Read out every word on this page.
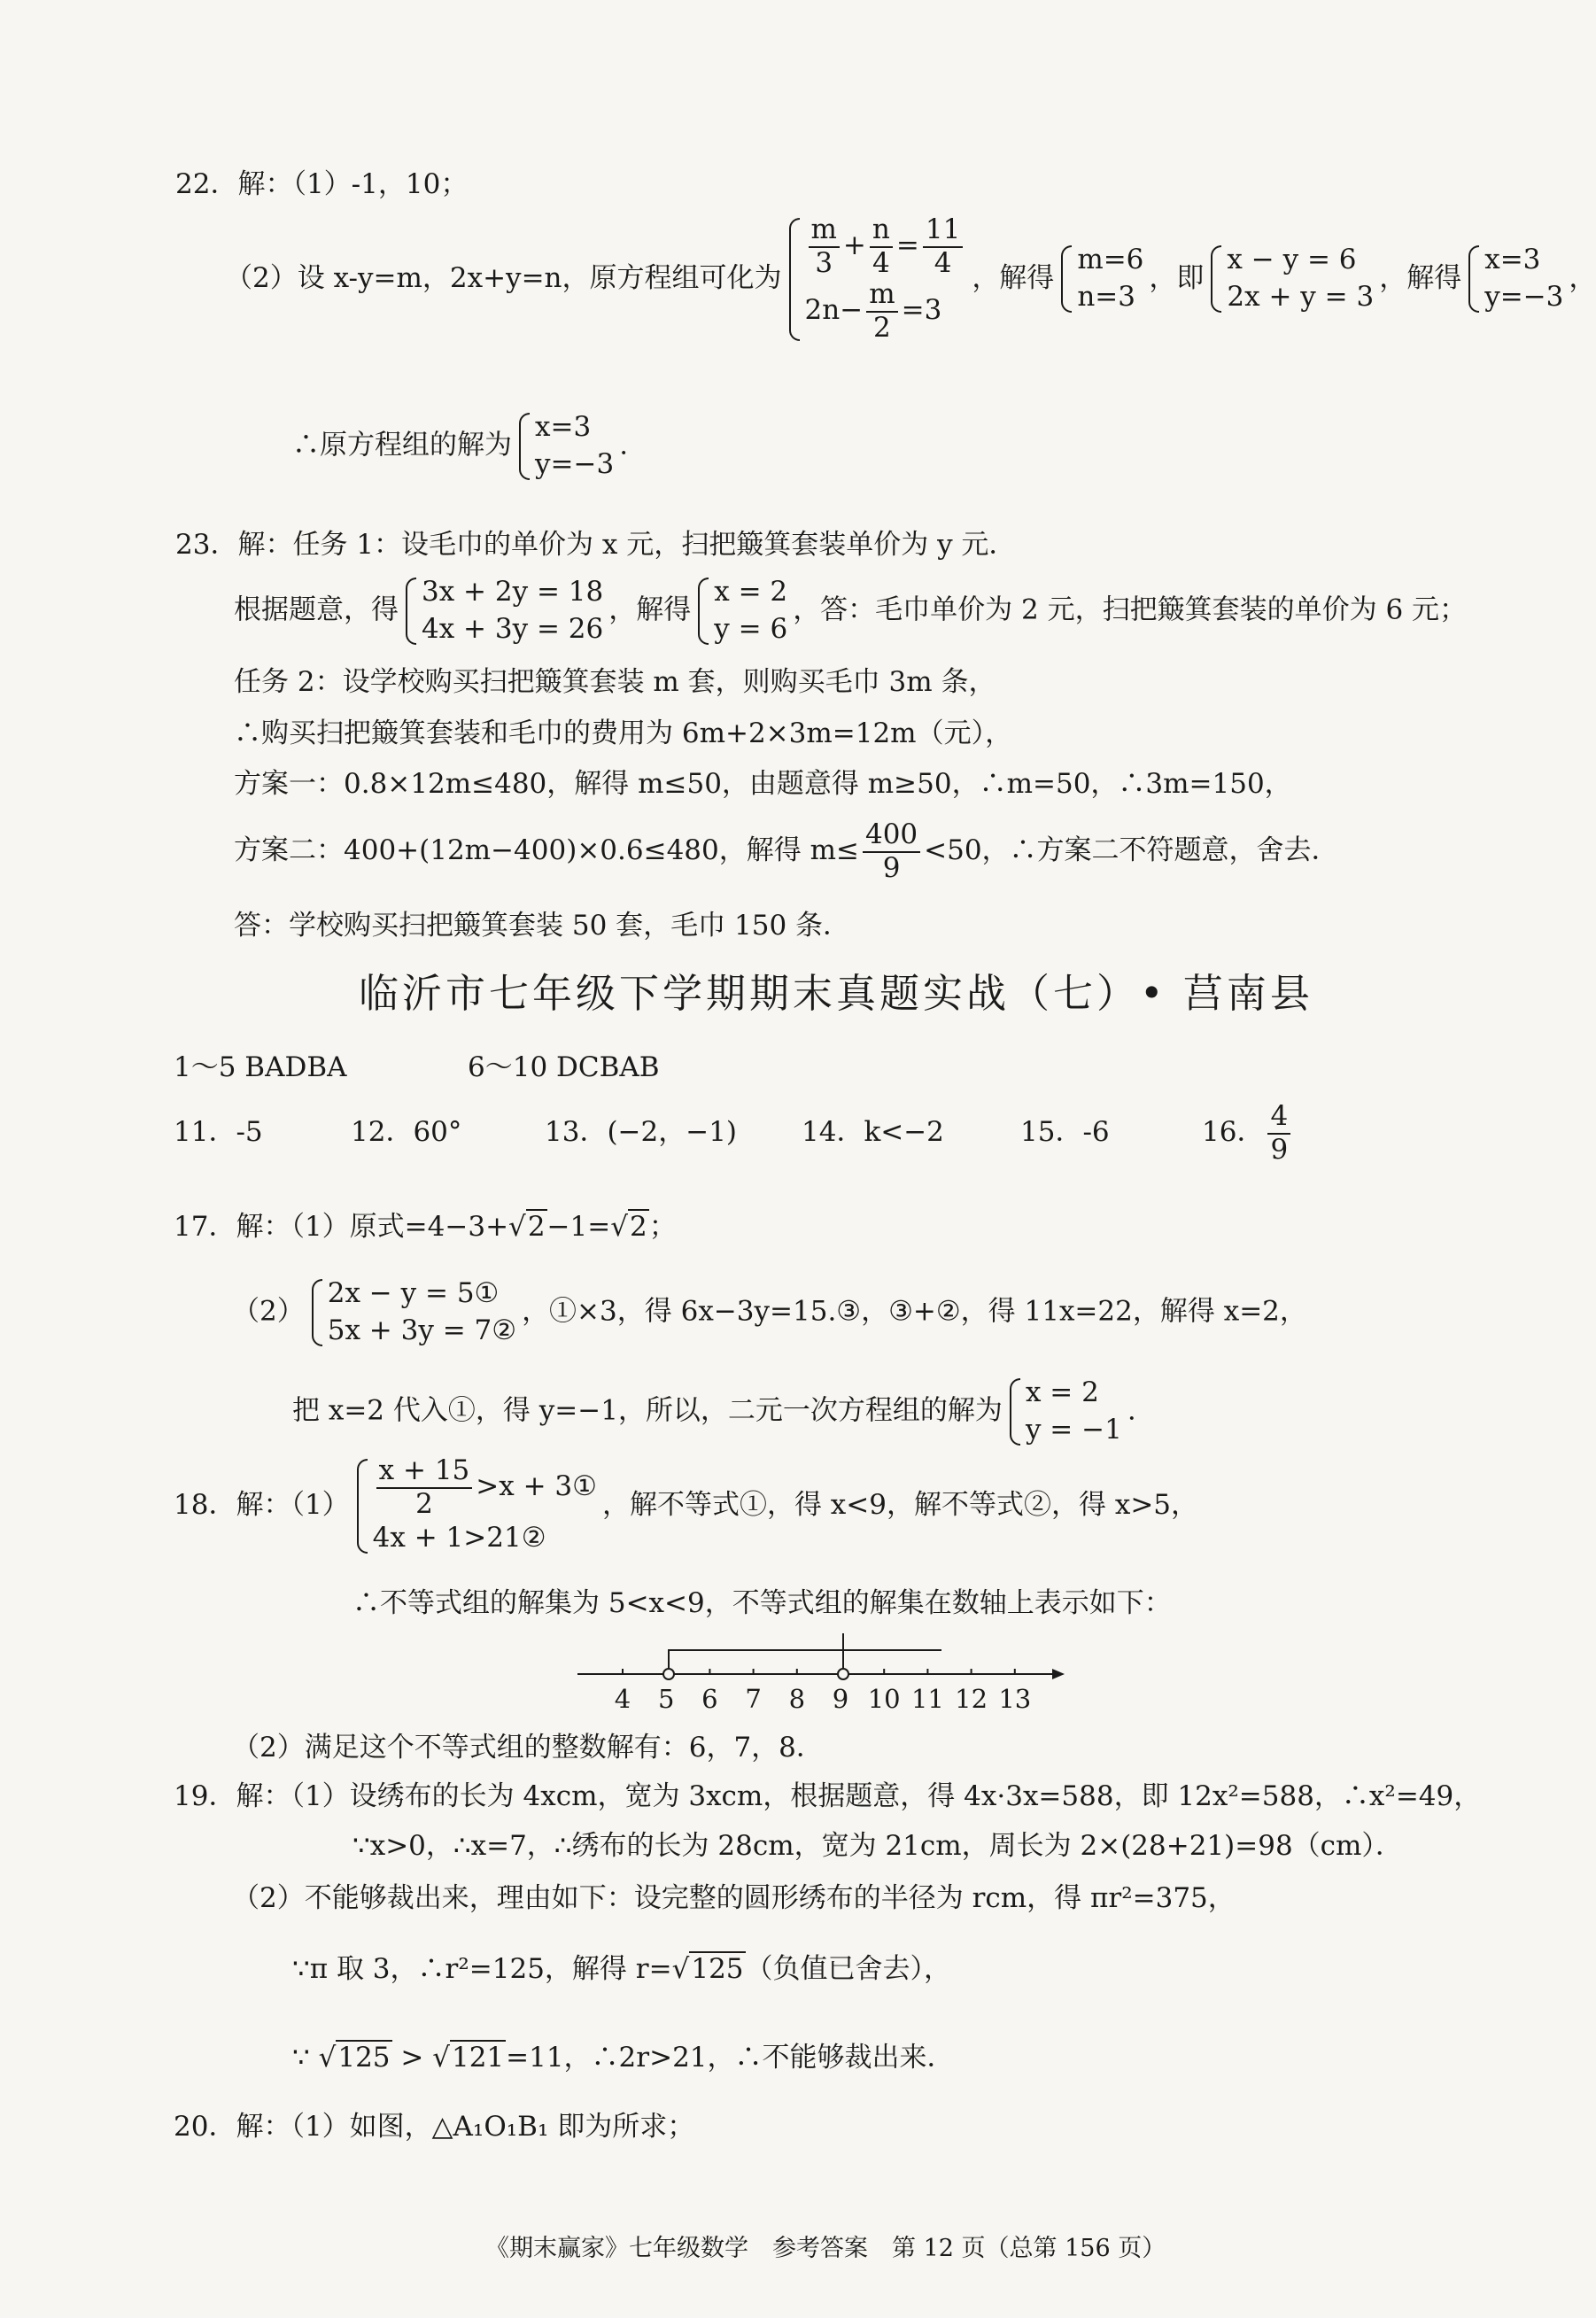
22．解：（1）-1，10；
（2）设 x-y=m，2x+y=n，原方程组可化为 $\frac{m}{3} + \frac{n}{4} = \frac{11}{4}$
$2n- \frac{m}{2} =3$
，解得
m=6
n=3
，即
x − y = 6
2x + y = 3
，解得
x=3
y=−3
，
∴原方程组的解为
x=3
y=−3
.
23．解：任务 1：设毛巾的单价为 x 元，扫把簸箕套装单价为 y 元．
根据题意，得
3x + 2y = 18
4x + 3y = 26
，解得
x = 2
y = 6
，答：毛巾单价为 2 元，扫把簸箕套装的单价为 6 元；
任务 2：设学校购买扫把簸箕套装 m 套，则购买毛巾 3m 条，
∴购买扫把簸箕套装和毛巾的费用为 6m+2×3m=12m（元），
方案一：0.8×12m≤480，解得 m≤50，由题意得 m≥50，∴m=50，∴3m=150，
方案二：400+(12m−400)×0.6≤480，解得 $m\le \frac{400}{9} <50$，∴方案二不符题意，舍去．
答：学校购买扫把簸箕套装 50 套，毛巾 150 条．
临沂市七年级下学期期末真题实战（七）• 莒南县
1～5 BADBA	6～10 DCBAB
11．-5	12．60°	13．(−2，−1) 14．k<−2	15．-6	16． $\frac{4}{9}$
17．解：（1）原式=4−3+√2−1=√2；
（2）
2x − y = 5①
5x + 3y = 7②
，①×3，得 6x−3y=15.③，③+②，得 11x=22，解得 x=2，
把 x=2 代入①，得 y=−1，所以，二元一次方程组的解为
x = 2
y = −1
.
18．解：$(1) \frac{x + 15}{2} >x$ + 3①
4x + 1>21②
，解不等式①，得 x<9，解不等式②，得 x>5，
∴不等式组的解集为 5<x<9，不等式组的解集在数轴上表示如下：
4 5 6 7 8 9 10 11 12 13
（2）满足这个不等式组的整数解有：6，7，8．
19．解：（1）设绣布的长为 4xcm，宽为 3xcm，根据题意，得 4x·3x=588，即 12x²=588，∴x²=49，
∵x>0，∴x=7，∴绣布的长为 28cm，宽为 21cm，周长为 2×(28+21)=98（cm）．
（2）不能够裁出来，理由如下：设完整的圆形绣布的半径为 rcm，得 πr²=375，
∵π 取 3，∴r²=125，解得 r=√125（负值已舍去），
∵ √125 > √121=11，∴2r>21，∴不能够裁出来．
20．解：（1）如图，△A₁O₁B₁ 即为所求；
《期末赢家》七年级数学　参考答案　第 12 页（总第 156 页）
